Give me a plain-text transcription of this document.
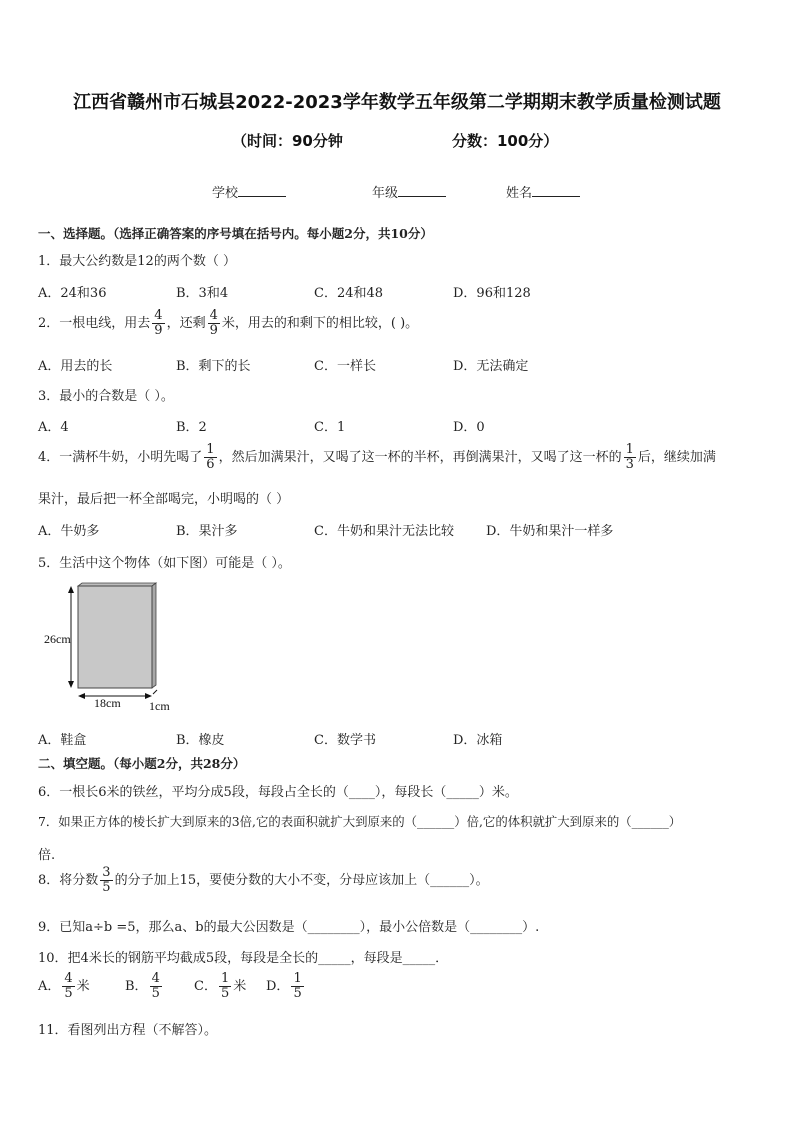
江西省赣州市石城县2022-2023学年数学五年级第二学期期末教学质量检测试题
（时间：90分钟	分数：100分）
学校	年级	姓名
一、选择题。（选择正确答案的序号填在括号内。每小题2分，共10分）
1．最大公约数是12的两个数（ ）
A．24和36	B．3和4	C．24和48	D．96和128
2．一根电线，用去 $\frac{4}{9}$ ，还剩 $\frac{4}{9}$ 米，用去的和剩下的相比较，( )。
A．用去的长	B．剩下的长	C．一样长	D．无法确定
3．最小的合数是（ ）。
A．4	B．2	C．1	D．0
4．一满杯牛奶，小明先喝了 $\frac{1}{6}$ ，然后加满果汁，又喝了这一杯的半杯，再倒满果汁，又喝了这一杯的 $\frac{1}{3}$ 后，继续加满
果汁，最后把一杯全部喝完，小明喝的（ ）
A．牛奶多	B．果汁多	C．牛奶和果汁无法比较 D．牛奶和果汁一样多
5．生活中这个物体（如下图）可能是（ ）。
26cm
18cm 1cm
A．鞋盒	B．橡皮	C．数学书	D．冰箱
二、填空题。（每小题2分，共28分）
6．一根长6米的铁丝，平均分成5段，每段占全长的（____），每段长（_____）米。
7．如果正方体的棱长扩大到原来的3倍,它的表面积就扩大到原来的（______）倍,它的体积就扩大到原来的（______）
倍.
8．将分数 $\frac{3}{5}$ 的分子加上15，要使分数的大小不变，分母应该加上（______）。
9．已知a÷b =5，那么a、b的最大公因数是（________），最小公倍数是（________）.
10．把4米长的钢筋平均截成5段，每段是全长的_____，每段是_____．
A． $\frac{4}{5}$ 米	B． $\frac{4}{5}$ C． $\frac{1}{5}$ 米 D． $\frac{1}{5}$
11．看图列出方程（不解答）。
